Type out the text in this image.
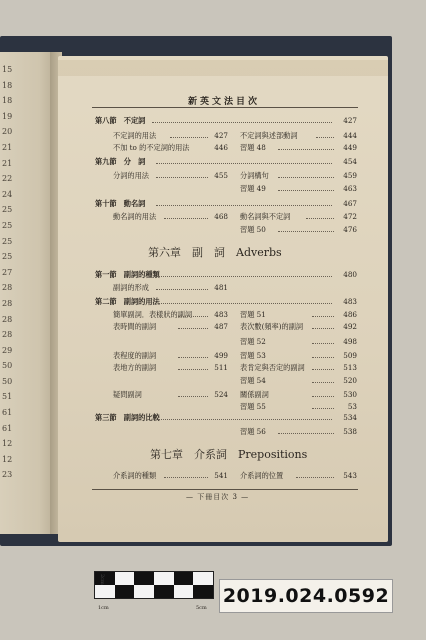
15
18
18
19
20
21
21
22
24
25
25
25
25
27
28
28
28
28
29
50
50
51
61
61
12
12
23
新英文法目次
第八節　不定詞	427
不定詞的用法	427 不定詞與述部動詞	444
不加 to 的不定詞的用法	446 習題 48	449
第九節　分　詞	454
分詞的用法	455 分詞構句	459
習題 49	463
第十節　動名詞	467
動名詞的用法	468 動名詞與不定詞	472
習題 50	476
第六章　副　詞　Adverbs
第一節　副詞的種類	480
副詞的形成	481
第二節　副詞的用法	483
簡單副詞．表樣狀的副詞	483 習題 51	486
表時間的副詞	487 表次數(頻率)的副詞	492
習題 52	498
表程度的副詞	499 習題 53	509
表地方的副詞	511 表肯定與否定的副詞	513
習題 54	520
疑問副詞	524 關係副詞	530
習題 55	53
第三節　副詞的比較	534
習題 56	538
第七章　介系詞　Prepositions
介系詞的種類	541 介系詞的位置	543
— 下冊目次 3 —
2cm
1cm	5cm
2019.024.0592
